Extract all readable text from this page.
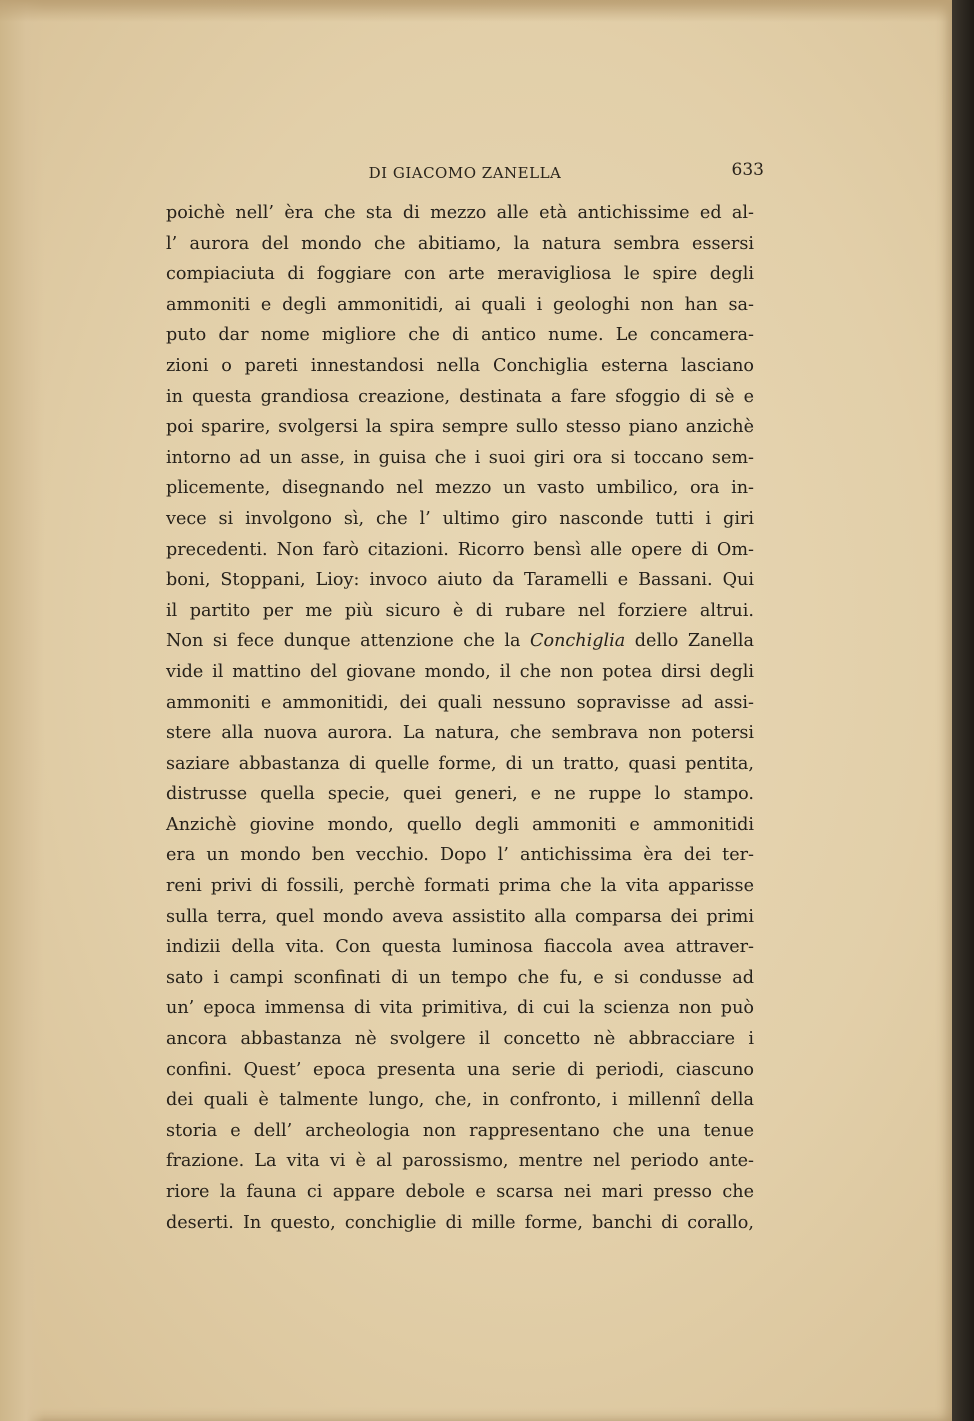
DI GIACOMO ZANELLA	633
poichè nell’ èra che sta di mezzo alle età antichissime ed al-
l’ aurora del mondo che abitiamo, la natura sembra essersi
compiaciuta di foggiare con arte meravigliosa le spire degli
ammoniti e degli ammonitidi, ai quali i geologhi non han sa-
puto dar nome migliore che di antico nume. Le concamera-
zioni o pareti innestandosi nella Conchiglia esterna lasciano
in questa grandiosa creazione, destinata a fare sfoggio di sè e
poi sparire, svolgersi la spira sempre sullo stesso piano anzichè
intorno ad un asse, in guisa che i suoi giri ora si toccano sem-
plicemente, disegnando nel mezzo un vasto umbilico, ora in-
vece si involgono sì, che l’ ultimo giro nasconde tutti i giri
precedenti. Non farò citazioni. Ricorro bensì alle opere di Om-
boni, Stoppani, Lioy: invoco aiuto da Taramelli e Bassani. Qui
il partito per me più sicuro è di rubare nel forziere altrui.
Non si fece dunque attenzione che la Conchiglia dello Zanella
vide il mattino del giovane mondo, il che non potea dirsi degli
ammoniti e ammonitidi, dei quali nessuno sopravisse ad assi-
stere alla nuova aurora. La natura, che sembrava non potersi
saziare abbastanza di quelle forme, di un tratto, quasi pentita,
distrusse quella specie, quei generi, e ne ruppe lo stampo.
Anzichè giovine mondo, quello degli ammoniti e ammonitidi
era un mondo ben vecchio. Dopo l’ antichissima èra dei ter-
reni privi di fossili, perchè formati prima che la vita apparisse
sulla terra, quel mondo aveva assistito alla comparsa dei primi
indizii della vita. Con questa luminosa fiaccola avea attraver-
sato i campi sconfinati di un tempo che fu, e si condusse ad
un’ epoca immensa di vita primitiva, di cui la scienza non può
ancora abbastanza nè svolgere il concetto nè abbracciare i
confini. Quest’ epoca presenta una serie di periodi, ciascuno
dei quali è talmente lungo, che, in confronto, i millennî della
storia e dell’ archeologia non rappresentano che una tenue
frazione. La vita vi è al parossismo, mentre nel periodo ante-
riore la fauna ci appare debole e scarsa nei mari presso che
deserti. In questo, conchiglie di mille forme, banchi di corallo,
